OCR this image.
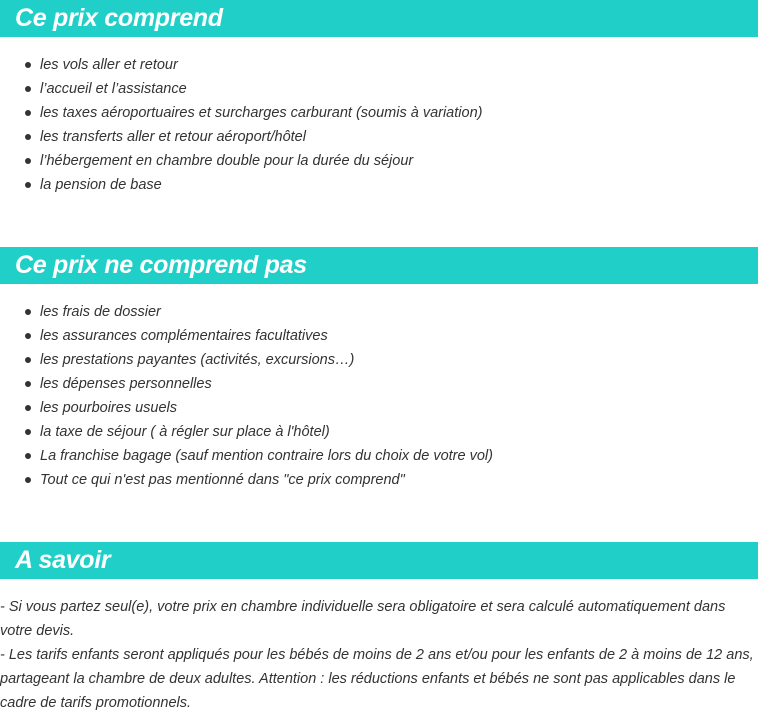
Ce prix comprend
les vols aller et retour
l’accueil et l’assistance
les taxes aéroportuaires et surcharges carburant (soumis à variation)
les transferts aller et retour aéroport/hôtel
l’hébergement en chambre double pour la durée du séjour
la pension de base
Ce prix ne comprend pas
les frais de dossier
les assurances complémentaires facultatives
les prestations payantes (activités, excursions…)
les dépenses personnelles
les pourboires usuels
la taxe de séjour ( à régler sur place à l'hôtel)
La franchise bagage (sauf mention contraire lors du choix de votre vol)
Tout ce qui n'est pas mentionné dans "ce prix comprend"
A savoir

- Si vous partez seul(e), votre prix en chambre individuelle sera obligatoire et sera calculé automatiquement dans votre devis.

- Les tarifs enfants seront appliqués pour les bébés de moins de 2 ans et/ou pour les enfants de 2 à moins de 12 ans, partageant la chambre de deux adultes. Attention : les réductions enfants et bébés ne sont pas applicables dans le cadre de tarifs promotionnels.
